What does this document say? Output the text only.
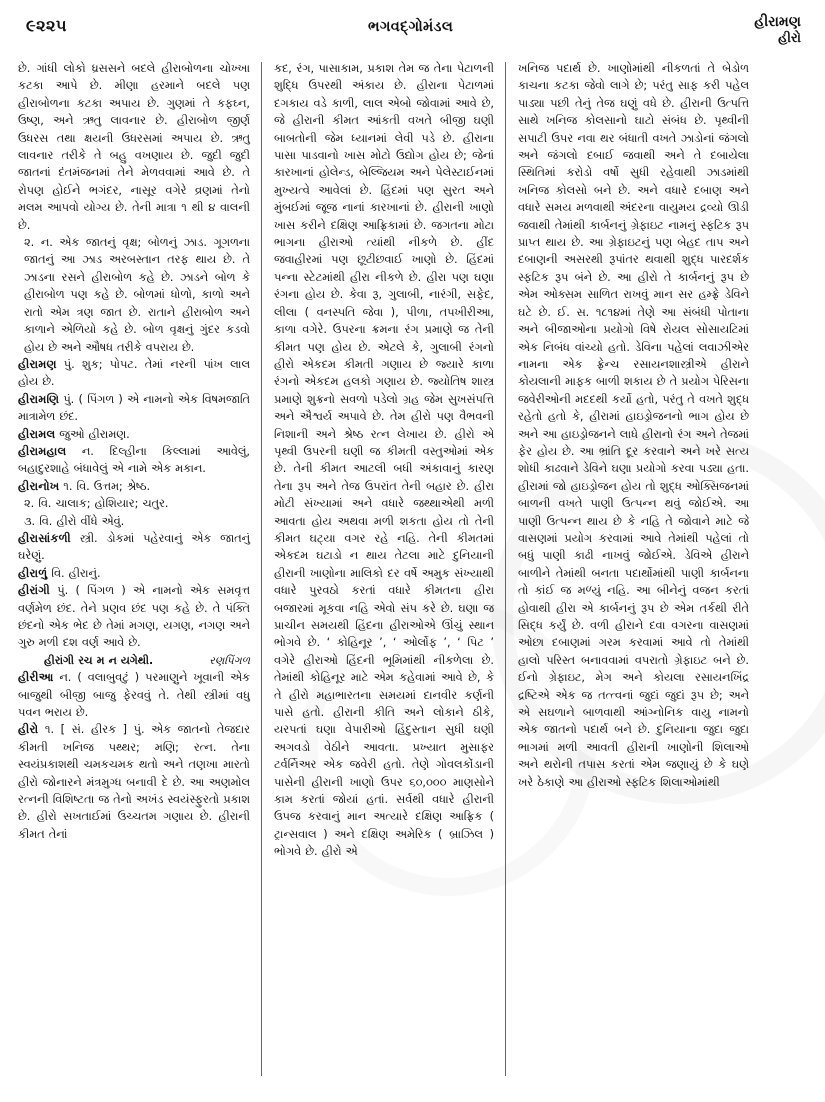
૯૨૨૫	ભગવદ્ગોમંડલ	હીરામણ
હીરો

છે. ગાંધી લોકો ધ્રસસને બદલે હીરાબોળના ચોખ્ખા કટકા આપે છે. મીણા હરમાને બદલે પણ હીરાબોળના કટકા અપાય છે. ગુણમાં તે કફઘ્ન, ઉષ્ણ, અને ઋતુ લાવનાર છે. હીરાબોળ જીર્ણ ઉધરસ તથા ક્ષયની ઉધરસમાં અપાય છે. ઋતુ લાવનાર તરીકે તે બહુ વખણાય છે. જુદી જુદી જાતનાં દંતમંજનમાં તેને મેળવવામાં આવે છે. તે રોપણ હોઈને ભગંદર, નાસૂર વગેરે વ્રણમાં તેનો મલમ આપવો યોગ્ય છે. તેની માત્રા ૧ થી ૪ વાલની છે.

૨. ન. એક જાતનું વૃક્ષ; બોળનું ઝાડ. ગૂગળના જાતનું આ ઝાડ અરબસ્તાન તરફ થાય છે. તે ઝાડના રસને હીરાબોળ કહે છે. ઝાડને બોળ કે હીરાબોળ પણ કહે છે. બોળમાં ધોળો, કાળો અને રાતો એમ ત્રણ જાત છે. રાતાને હીરાબોળ અને કાળાને એળિયો કહે છે. બોળ વૃક્ષનું ગુંદર કડવો હોય છે અને ઔષધ તરીકે વપરાય છે.

હીરામણ પું. શુક; પોપટ. તેમાં નરની પાંખ લાલ હોય છે.

હીરામણિ પું. ( પિંગળ ) એ નામનો એક વિષમજાતિ માત્રામેળ છંદ.

હીરામલ જુઓ હીરામણ.

હીરામહાલ ન. દિલ્હીના કિલ્લામાં આવેલું, બહાદુરશાહે બંધાવેલું એ નામે એક મકાન.

હીરાનોખ ૧. વિ. ઉત્તમ; શ્રેષ્ઠ.

૨. વિ. ચાલાક; હોશિયાર; ચતુર.

૩. વિ. હીરો વીંધે એવું.

હીરાસાંકળી સ્ત્રી. ડોકમાં પહેરવાનું એક જાતનું ઘરેણું.

હીરાળું વિ. હીરાનું.

હીરાંગી પું. ( પિંગળ ) એ નામનો એક સમવૃત્ત વર્ણમેળ છંદ. તેને પ્રણવ છંદ પણ કહે છે. તે પંક્તિ છંદનો એક ભેદ છે તેમાં મગણ, યગણ, નગણ અને ગુરુ મળી દશ વર્ણ આવે છે.

હીરાંગી રચ મ ન યગેથી.	રણપિંગળ

હીરીઆ ન. ( વલાબુવટું ) પરમાણુને ખૂવાની એક બાજુથી બીજી બાજુ ફેરવવું તે. તેથી સ્ત્રીમાં વધુ પવન ભરાય છે.

હીરો ૧. [ સં. હીરક ] પું. એક જાતનો તેજદાર કીમતી ખનિજ પથ્થર; મણિ; રત્ન. તેના સ્વયંપ્રકાશથી ચમકચમક થતો અને તણખા મારતો હીરો જોનારને મંત્રમુગ્ધ બનાવી દે છે. આ અણમોલ રત્નની વિશિષ્ટતા જ તેનો અખંડ સ્વયંસ્ફુરતો પ્રકાશ છે. હીરો સખતાઈમાં ઉચ્ચતમ ગણાય છે. હીરાની કીમત તેનાં

કદ, રંગ, પાસાકામ, પ્રકાશ તેમ જ તેના પેટાળની શુદ્ધિ ઉપરથી અંકાય છે. હીરાના પેટાળમાં દગકાય વડે કાળી, લાલ એબો જોવામાં આવે છે, જે હીરાની કીમત આંકતી વખતે બીજી ઘણી બાબતોની જેમ ધ્યાનમાં લેવી પડે છે. હીરાના પાસા પાડવાનો ખાસ મોટો ઉદ્યોગ હોય છે; જેનાં કારખાનાં હોલેન્ડ, બેલ્જિયમ અને પેલેસ્ટાઈનમાં મુખ્યત્વે આવેલાં છે. હિંદમાં પણ સુરત અને મુંબઈમાં જૂજ નાનાં કારખાનાં છે. હીરાની ખાણો ખાસ કરીને દક્ષિણ આફ્રિકામાં છે. જગતના મોટા ભાગના હીરાઓ ત્યાંથી નીકળે છે. હીંદ જવાહીરમાં પણ છૂટીછવાઈ ખાણો છે. હિંદમાં પન્ના સ્ટેટમાંથી હીરા નીકળે છે. હીરા પણ ઘણા રંગના હોય છે. કેવા રૂ, ગુલાબી, નારંગી, સફેદ, લીલા ( વનસ્પતિ જેવા ), પીળા, તપખીરીઆ, કાળા વગેરે. ઉપરના ક્રમના રંગ પ્રમાણે જ તેની કીમત પણ હોય છે. એટલે કે, ગુલાબી રંગનો હીરો એકદમ કીમતી ગણાય છે જ્યારે કાળા રંગનો એકદમ હલકો ગણાય છે. જ્યોતિષ શાસ્ત્ર પ્રમાણે શુક્રનો સવળો પડેલો ગ્રહ જેમ સુખસંપત્તિ અને ઐશ્વર્ય અપાવે છે. તેમ હીરો પણ વૈભવની નિશાની અને શ્રેષ્ઠ રત્ન લેખાય છે. હીરો એ પૃથ્વી ઉપરની ઘણી જ કીમતી વસ્તુઓમાં એક છે. તેની કીમત આટલી બધી અંકાવાનું કારણ તેના રૂપ અને તેજ ઉપરાંત તેની બહાર છે. હીરા મોટી સંખ્યામાં અને વધારે જથ્થાએથી મળી આવતા હોય અથવા મળી શકતા હોય તો તેની કીમત ઘટ્યા વગર રહે નહિ. તેની કીમતમાં એકદમ ઘટાડો ન થાય તેટલા માટે દુનિયાની હીરાની ખાણોના માલિકો દર વર્ષે અમુક સંખ્યાથી વધારે પુરવઠો કરતાં વધારે કીમતના હીરા બજારમાં મૂકવા નહિ એવો સંપ કરે છે. ઘણા જ પ્રાચીન સમયથી હિંદના હીરાઓએ ઊંચું સ્થાન ભોગવે છે. ‘ કોહિનૂર ’, ‘ ઓર્લોફ ’, ‘ પિટ ’ વગેરે હીરાઓ હિંદની ભૂમિમાંથી નીકળેલા છે. તેમાંથી કોહિનૂર માટે એમ કહેવામાં આવે છે, કે તે હીરો મહાભારતના સમયમાં દાનવીર કર્ણની પાસે હતો. હીરાની કીતિ અને લોકાને ઠીકે, યરપતાં ઘણા વેપારીઓ હિંદુસ્તાન સુધી ઘણી અગવડો વેઠીને આવતા. પ્રખ્યાત મુસાફર ટર્વર્નિઅર એક જવેરી હતો. તેણે ગોવલકોંડાની પાસેની હીરાની ખાણો ઉપર ૬૦,૦૦૦ માણસોને કામ કરતાં જોયાં હતાં. સર્વથી વધારે હીરાની ઉપજ કરવાનું માન અત્યારે દક્ષિણ આફ્રિક ( ટ્રાન્સવાલ ) અને દક્ષિણ અમેરિક ( બ્રાઝિલ ) ભોગવે છે. હીરો એ

ખનિજ પદાર્થ છે. ખાણોમાંથી નીકળતાં તે બેડોળ કાચના કટકા જેવો લાગે છે; પરંતુ સાફ કરી પહેલ પાડ્યા પછી તેનું તેજ ઘણું વધે છે. હીરાની ઉત્પત્તિ સાથે ખનિજ કોલસાનો ઘાટો સંબંધ છે. પૃથ્વીની સપાટી ઉપર નવા થર બંધાતી વખતે ઝાડોનાં જંગલો અને જંગલો દબાઈ જવાથી અને તે દબાયેલા સ્થિતિમાં કરોડો વર્ષો સુધી રહેવાથી ઝાડમાંથી ખનિજ કોલસો બને છે. અને વધારે દબાણ અને વધારે સમય મળવાથી અંદરના વાયુમય દ્રવ્યો ઊડી જવાથી તેમાંથી કાર્બનનું ગ્રેફાઇટ નામનું સ્ફટિક રૂપ પ્રાપ્ત થાય છે. આ ગ્રેફાઇટનું પણ બેહદ તાપ અને દબાણની અસરથી રૂપાંતર થવાથી શુદ્ધ પારદર્શક સ્ફટિક રૂપ બંને છે. આ હીરો તે કાર્બનનું રૂપ છે એમ ઓક્સમ સાળિત રાખવું માન સર હમ્ફ્રે ડેવિને ઘટે છે. ઈ. સ. ૧૮૧૪માં તેણે આ સંબંધી પોતાના અને બીજાઓના પ્રયોગો વિષે રોયલ સોસાયટિમાં એક નિબંધ વાંચ્યો હતો. ડેવિના પહેલાં લવાઝીએર નામના એક ફ્રેન્ચ રસાયનશાસ્ત્રીએ હીરાને કોયલાની માફક બાળી શકાય છે તે પ્રયોગ પેરિસના જવેરીઓની મદદથી કર્યો હતો, પરંતુ તે વખતે શુદ્ધ રહેતો હતો કે, હીરામાં હાઇડ્રોજનનો ભાગ હોય છે અને આ હાઇડ્રોજનને લાધે હીરાનો રંગ અને તેજમાં ફેર હોય છે. આ ભ્રાંતિ દૂર કરવાને અને ખરે સત્ય શોધી કાઢવાને ડેવિને ઘણા પ્રયોગો કરવા પડ્યા હતા. હીરામાં જો હાઇડ્રોજન હોય તો શુદ્ધ ઓક્સિજનમાં બાળની વખતે પાણી ઉત્પન્ન થવું જોઈએ. આ પાણી ઉત્પન્ન થાય છે કે નહિ તે જોવાને માટે જે વાસણમાં પ્રયોગ કરવામાં આવે તેમાંથી પહેલાં તો બધું પાણી કાઢી નાખવું જોઈએ. ડેવિએ હીરાને બાળીને તેમાંથી બનતા પદાર્થોમાંથી પાણી કાર્બનના તો કાંઈ જ મળ્યું નહિ. આ બીનેનું વજન કરતાં હોવાથી હીરા એ કાર્બનનું રૂપ છે એમ તર્કથી રીતે સિદ્ધ કર્યું છે. વળી હીરાને દવા વગરના વાસણમાં ઓછા દબાણમાં ગરમ કરવામાં આવે તો તેમાંથી હાલો પરિસ્ત બનાવવામાં વપરાતો ગ્રેફાઇટ બને છે. ઈનો ગ્રેફાઇટ, મેગ અને કોયલા રસાયનખિંદ્ર દ્રષ્ટિએ એક જ તત્ત્વનાં જુદાં જુદાં રૂપ છે; અને એ સઘળાને બાળવાથી આંગ્નોનિક વાયુ નામનો એક જાતનો પદાર્થ બને છે. દુનિયાના જુદા જુદા ભાગમાં મળી આવતી હીરાની ખાણોની શિલાઓ અને થરોની તપાસ કરતાં એમ જણાયું છે કે ઘણે ખરે ઠેકાણે આ હીરાઓ સ્ફટિક શિલાઓમાંથી
